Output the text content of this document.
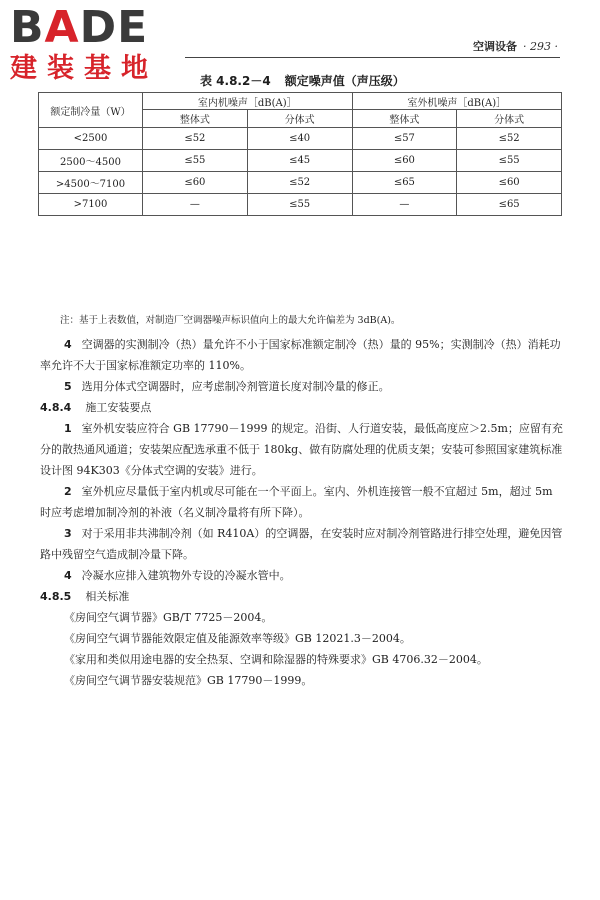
BADE
建装基地
空调设备 · 293 ·
表 4.8.2－4 额定噪声值（声压级）
额定制冷量（W）	室内机噪声［dB(A)］		室外机噪声［dB(A)］	
	整体式	分体式	整体式	分体式
<2500	≤52	≤40	≤57	≤52
2500～4500	≤55	≤45	≤60	≤55
>4500～7100	≤60	≤52	≤65	≤60
>7100	—	≤55	—	≤65
注：基于上表数值，对制造厂空调器噪声标识值向上的最大允许偏差为 3dB(A)。

4 空调器的实测制冷（热）量允许不小于国家标准额定制冷（热）量的 95%；实测制冷（热）消耗功率允许不大于国家标准额定功率的 110%。

5 选用分体式空调器时，应考虑制冷剂管道长度对制冷量的修正。

4.8.4 施工安装要点

1 室外机安装应符合 GB 17790－1999 的规定。沿街、人行道安装，最低高度应＞2.5m；应留有充分的散热通风通道；安装架应配选承重不低于 180kg、做有防腐处理的优质支架；安装可参照国家建筑标准设计图 94K303《分体式空调的安装》进行。

2 室外机应尽量低于室内机或尽可能在一个平面上。室内、外机连接管一般不宜超过 5m，超过 5m 时应考虑增加制冷剂的补液（名义制冷量将有所下降）。

3 对于采用非共沸制冷剂（如 R410A）的空调器，在安装时应对制冷剂管路进行排空处理，避免因管路中残留空气造成制冷量下降。

4 冷凝水应排入建筑物外专设的冷凝水管中。

4.8.5 相关标准

《房间空气调节器》GB/T 7725－2004。

《房间空气调节器能效限定值及能源效率等级》GB 12021.3－2004。

《家用和类似用途电器的安全热泵、空调和除湿器的特殊要求》GB 4706.32－2004。

《房间空气调节器安装规范》GB 17790－1999。
